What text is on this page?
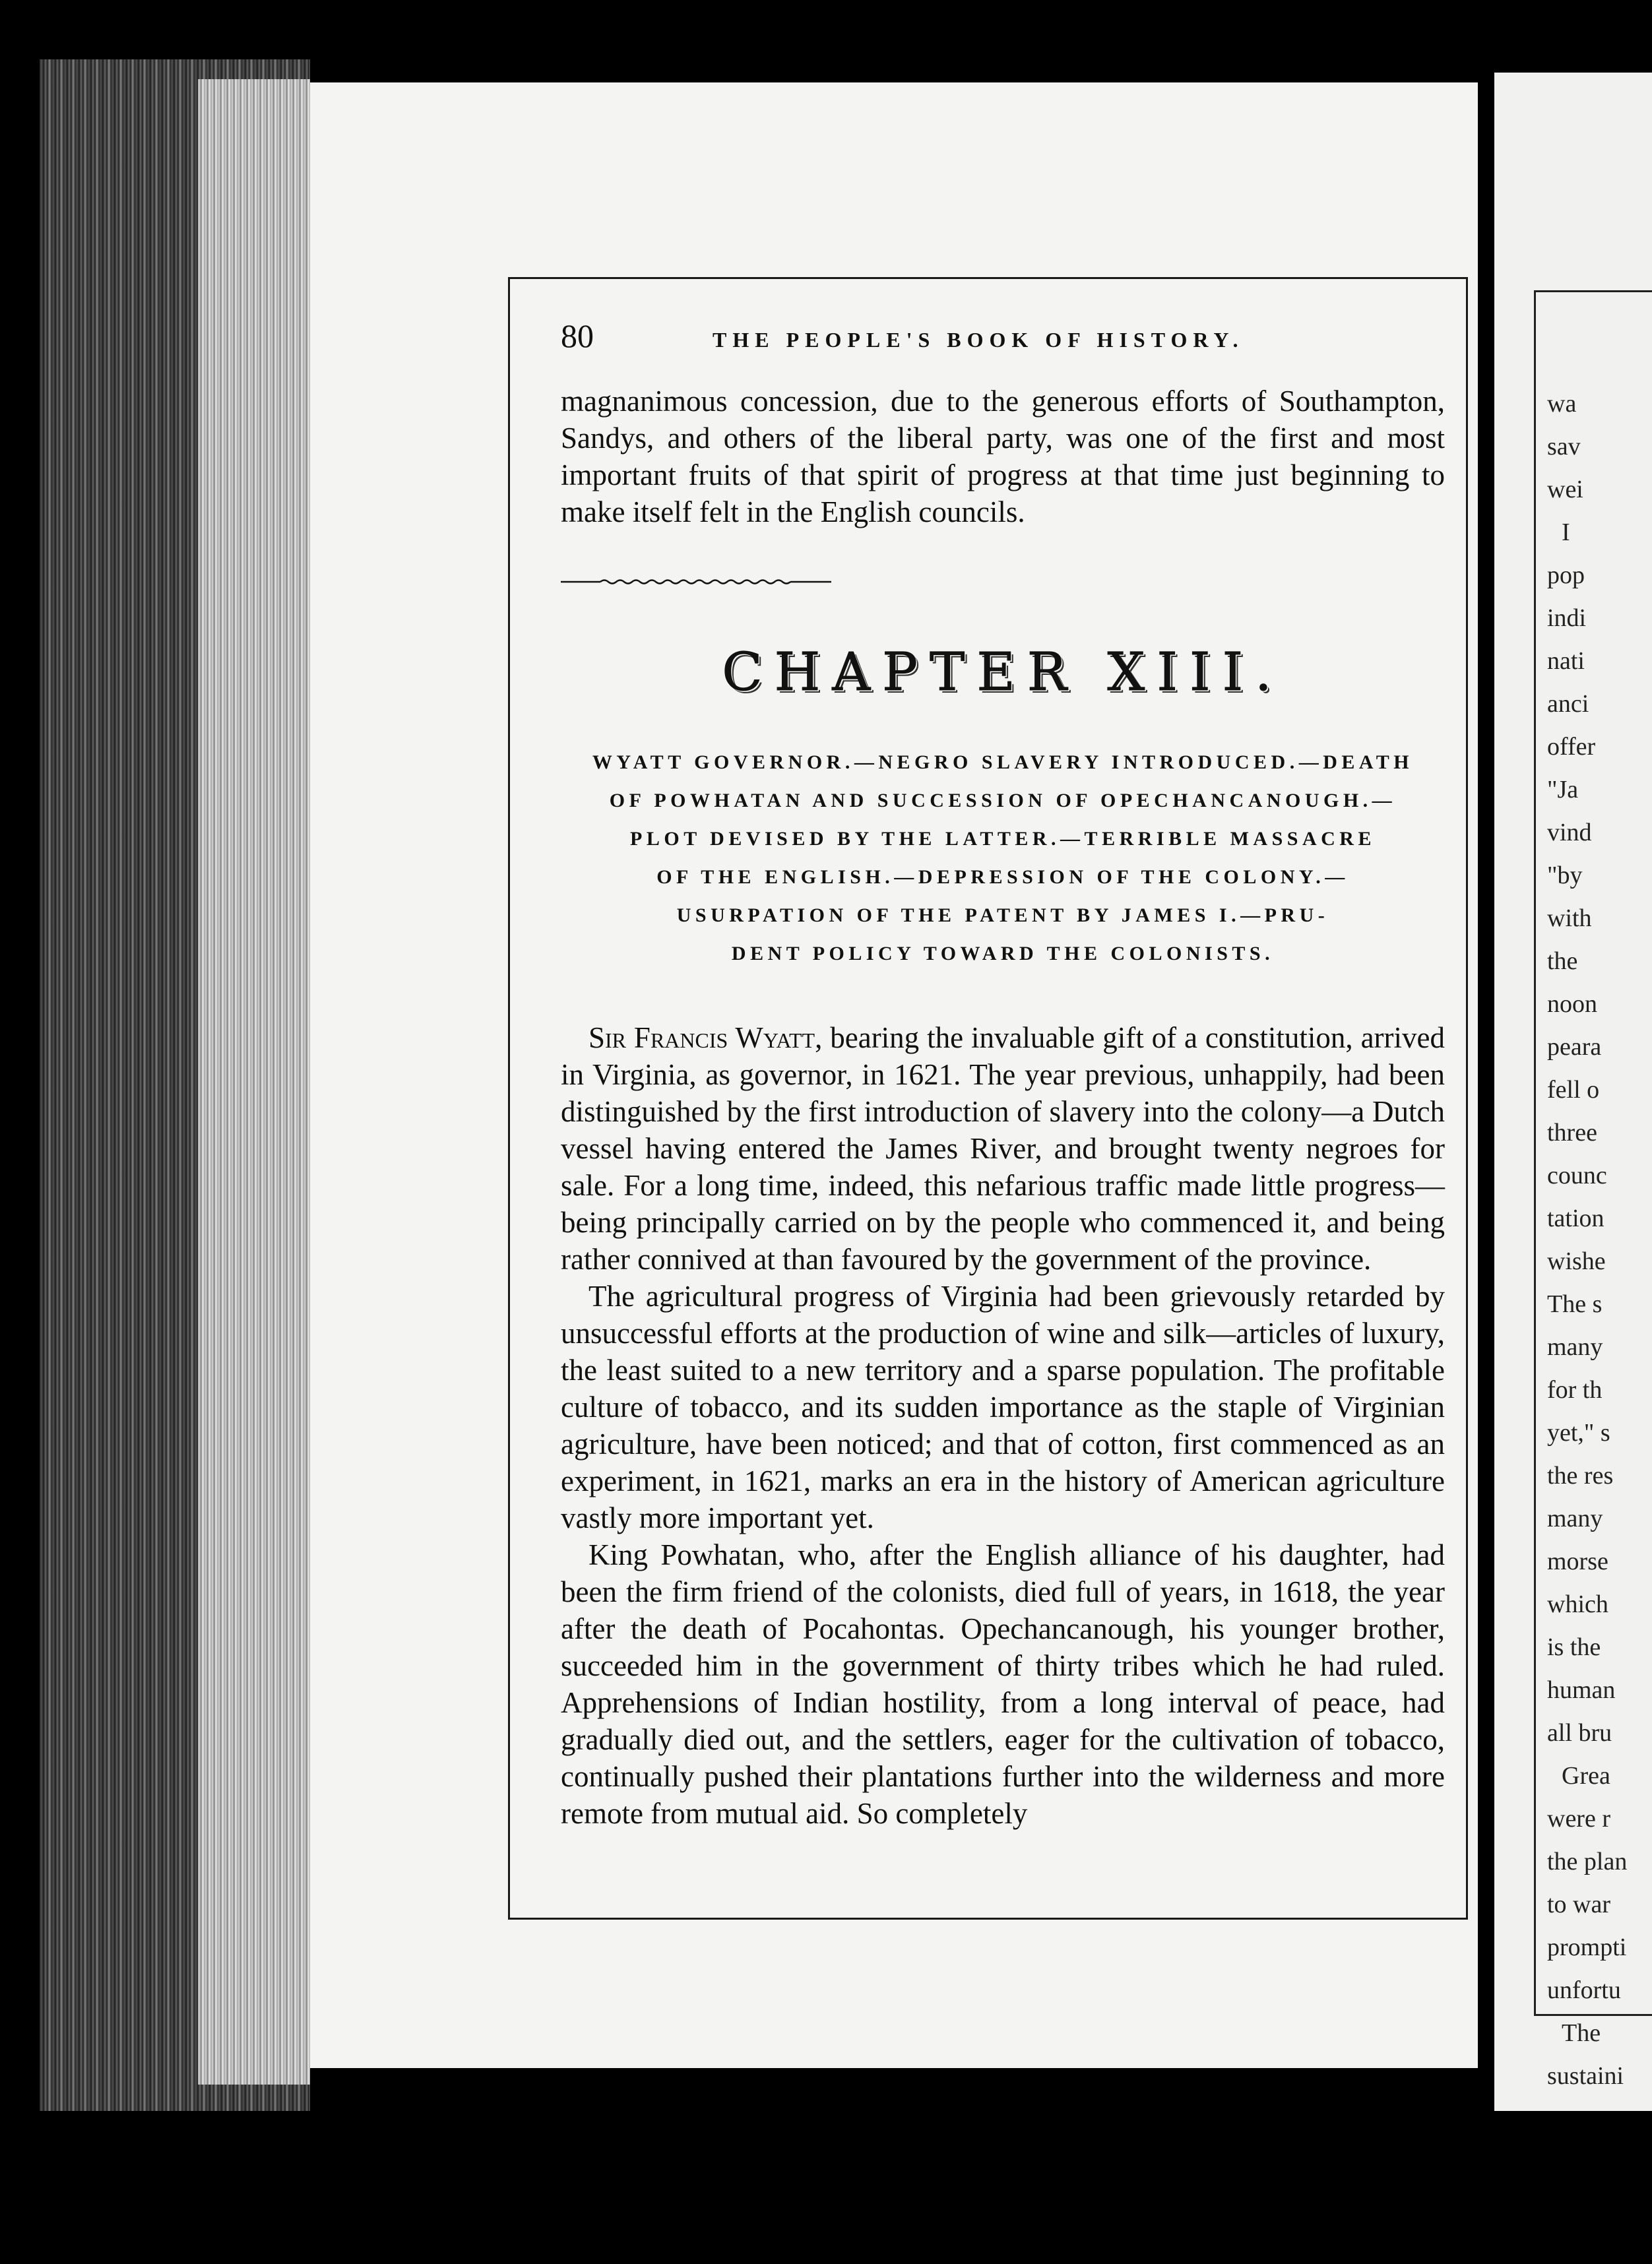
wa
sav
wei
I
pop
indi
nati
anci
offer
"Ja
vind
"by
with
the
noon
peara
fell o
three
counc
tation
wishe
The s
many
for th
yet," s
the res
many
morse
which
is the
human
all bru
Grea
were r
the plan
to war
prompti
unfortu
The
sustaini
80	THE PEOPLE'S BOOK OF HISTORY.

magnanimous concession, due to the generous efforts of Southampton, Sandys, and others of the liberal party, was one of the first and most important fruits of that spirit of progress at that time just beginning to make itself felt in the English councils.

CHAPTER XIII.
WYATT GOVERNOR.—NEGRO SLAVERY INTRODUCED.—DEATH
OF POWHATAN AND SUCCESSION OF OPECHANCANOUGH.—
PLOT DEVISED BY THE LATTER.—TERRIBLE MASSACRE
OF THE ENGLISH.—DEPRESSION OF THE COLONY.—
USURPATION OF THE PATENT BY JAMES I.—PRU-
DENT POLICY TOWARD THE COLONISTS.

Sir Francis Wyatt, bearing the invaluable gift of a constitution, arrived in Virginia, as governor, in 1621. The year previous, unhappily, had been distinguished by the first introduction of slavery into the colony—a Dutch vessel having entered the James River, and brought twenty negroes for sale. For a long time, indeed, this nefarious traffic made little progress—being principally carried on by the people who commenced it, and being rather connived at than favoured by the government of the province.

The agricultural progress of Virginia had been grievously retarded by unsuccessful efforts at the production of wine and silk—articles of luxury, the least suited to a new territory and a sparse population. The profitable culture of tobacco, and its sudden importance as the staple of Virginian agriculture, have been noticed; and that of cotton, first commenced as an experiment, in 1621, marks an era in the history of American agriculture vastly more important yet.

King Powhatan, who, after the English alliance of his daughter, had been the firm friend of the colonists, died full of years, in 1618, the year after the death of Pocahontas. Opechancanough, his younger brother, succeeded him in the government of thirty tribes which he had ruled. Apprehensions of Indian hostility, from a long interval of peace, had gradually died out, and the settlers, eager for the cultivation of tobacco, continually pushed their plantations further into the wilderness and more remote from mutual aid. So completely
